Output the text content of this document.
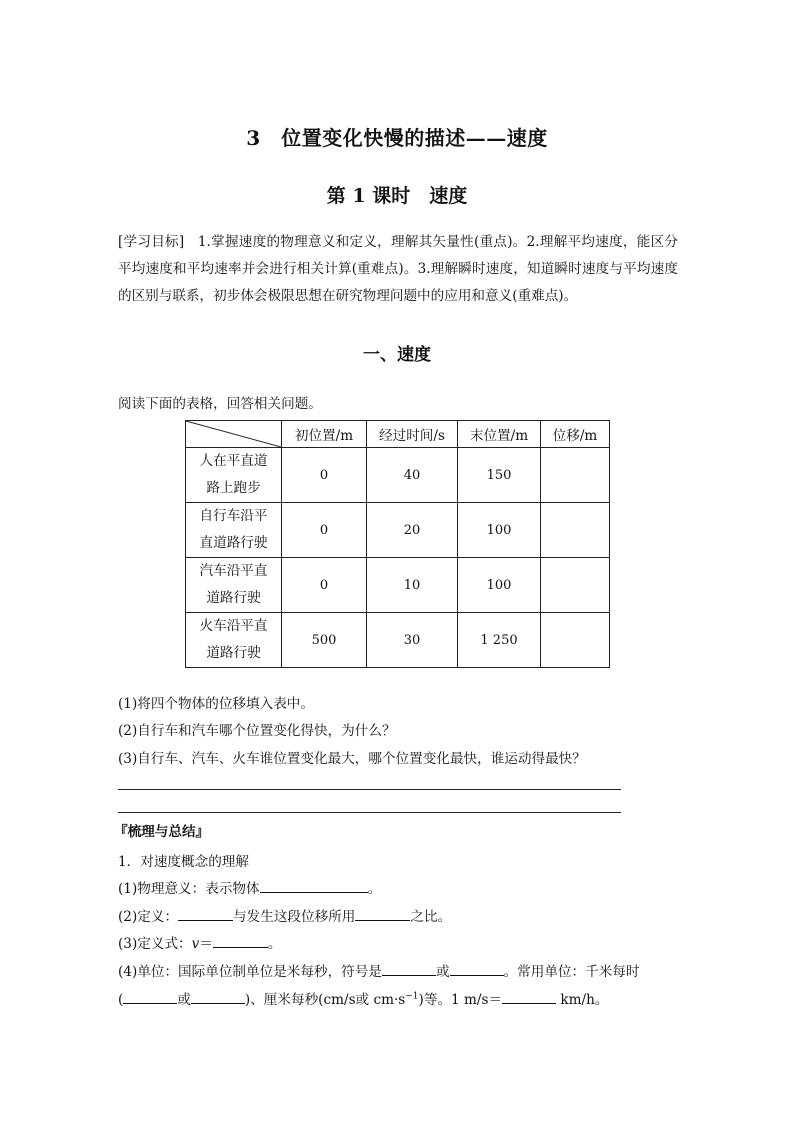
3　位置变化快慢的描述——速度
第 1 课时　速度
[学习目标] 1.掌握速度的物理意义和定义，理解其矢量性(重点)。2.理解平均速度，能区分平均速度和平均速率并会进行相关计算(重难点)。3.理解瞬时速度，知道瞬时速度与平均速度的区别与联系，初步体会极限思想在研究物理问题中的应用和意义(重难点)。
一、速度
阅读下面的表格，回答相关问题。
	初位置/m	经过时间/s	末位置/m	位移/m

人在平直道
路上跑步	0	40	150	

自行车沿平
直道路行驶	0	20	100	

汽车沿平直
道路行驶	0	10	100	

火车沿平直
道路行驶	500	30	1 250	
(1)将四个物体的位移填入表中。
(2)自行车和汽车哪个位置变化得快，为什么？
(3)自行车、汽车、火车谁位置变化最大，哪个位置变化最快，谁运动得最快？
『梳理与总结』
1．对速度概念的理解
(1)物理意义：表示物体	。
(2)定义：	与发生这段位移所用	之比。
(3)定义式：v＝	。
(4)单位：国际单位制单位是米每秒，符号是	或	。常用单位：千米每时
(	或	)、厘米每秒(cm/s或 $cm\cdot s^{-1}$)等。1 m/s＝	km/h。
